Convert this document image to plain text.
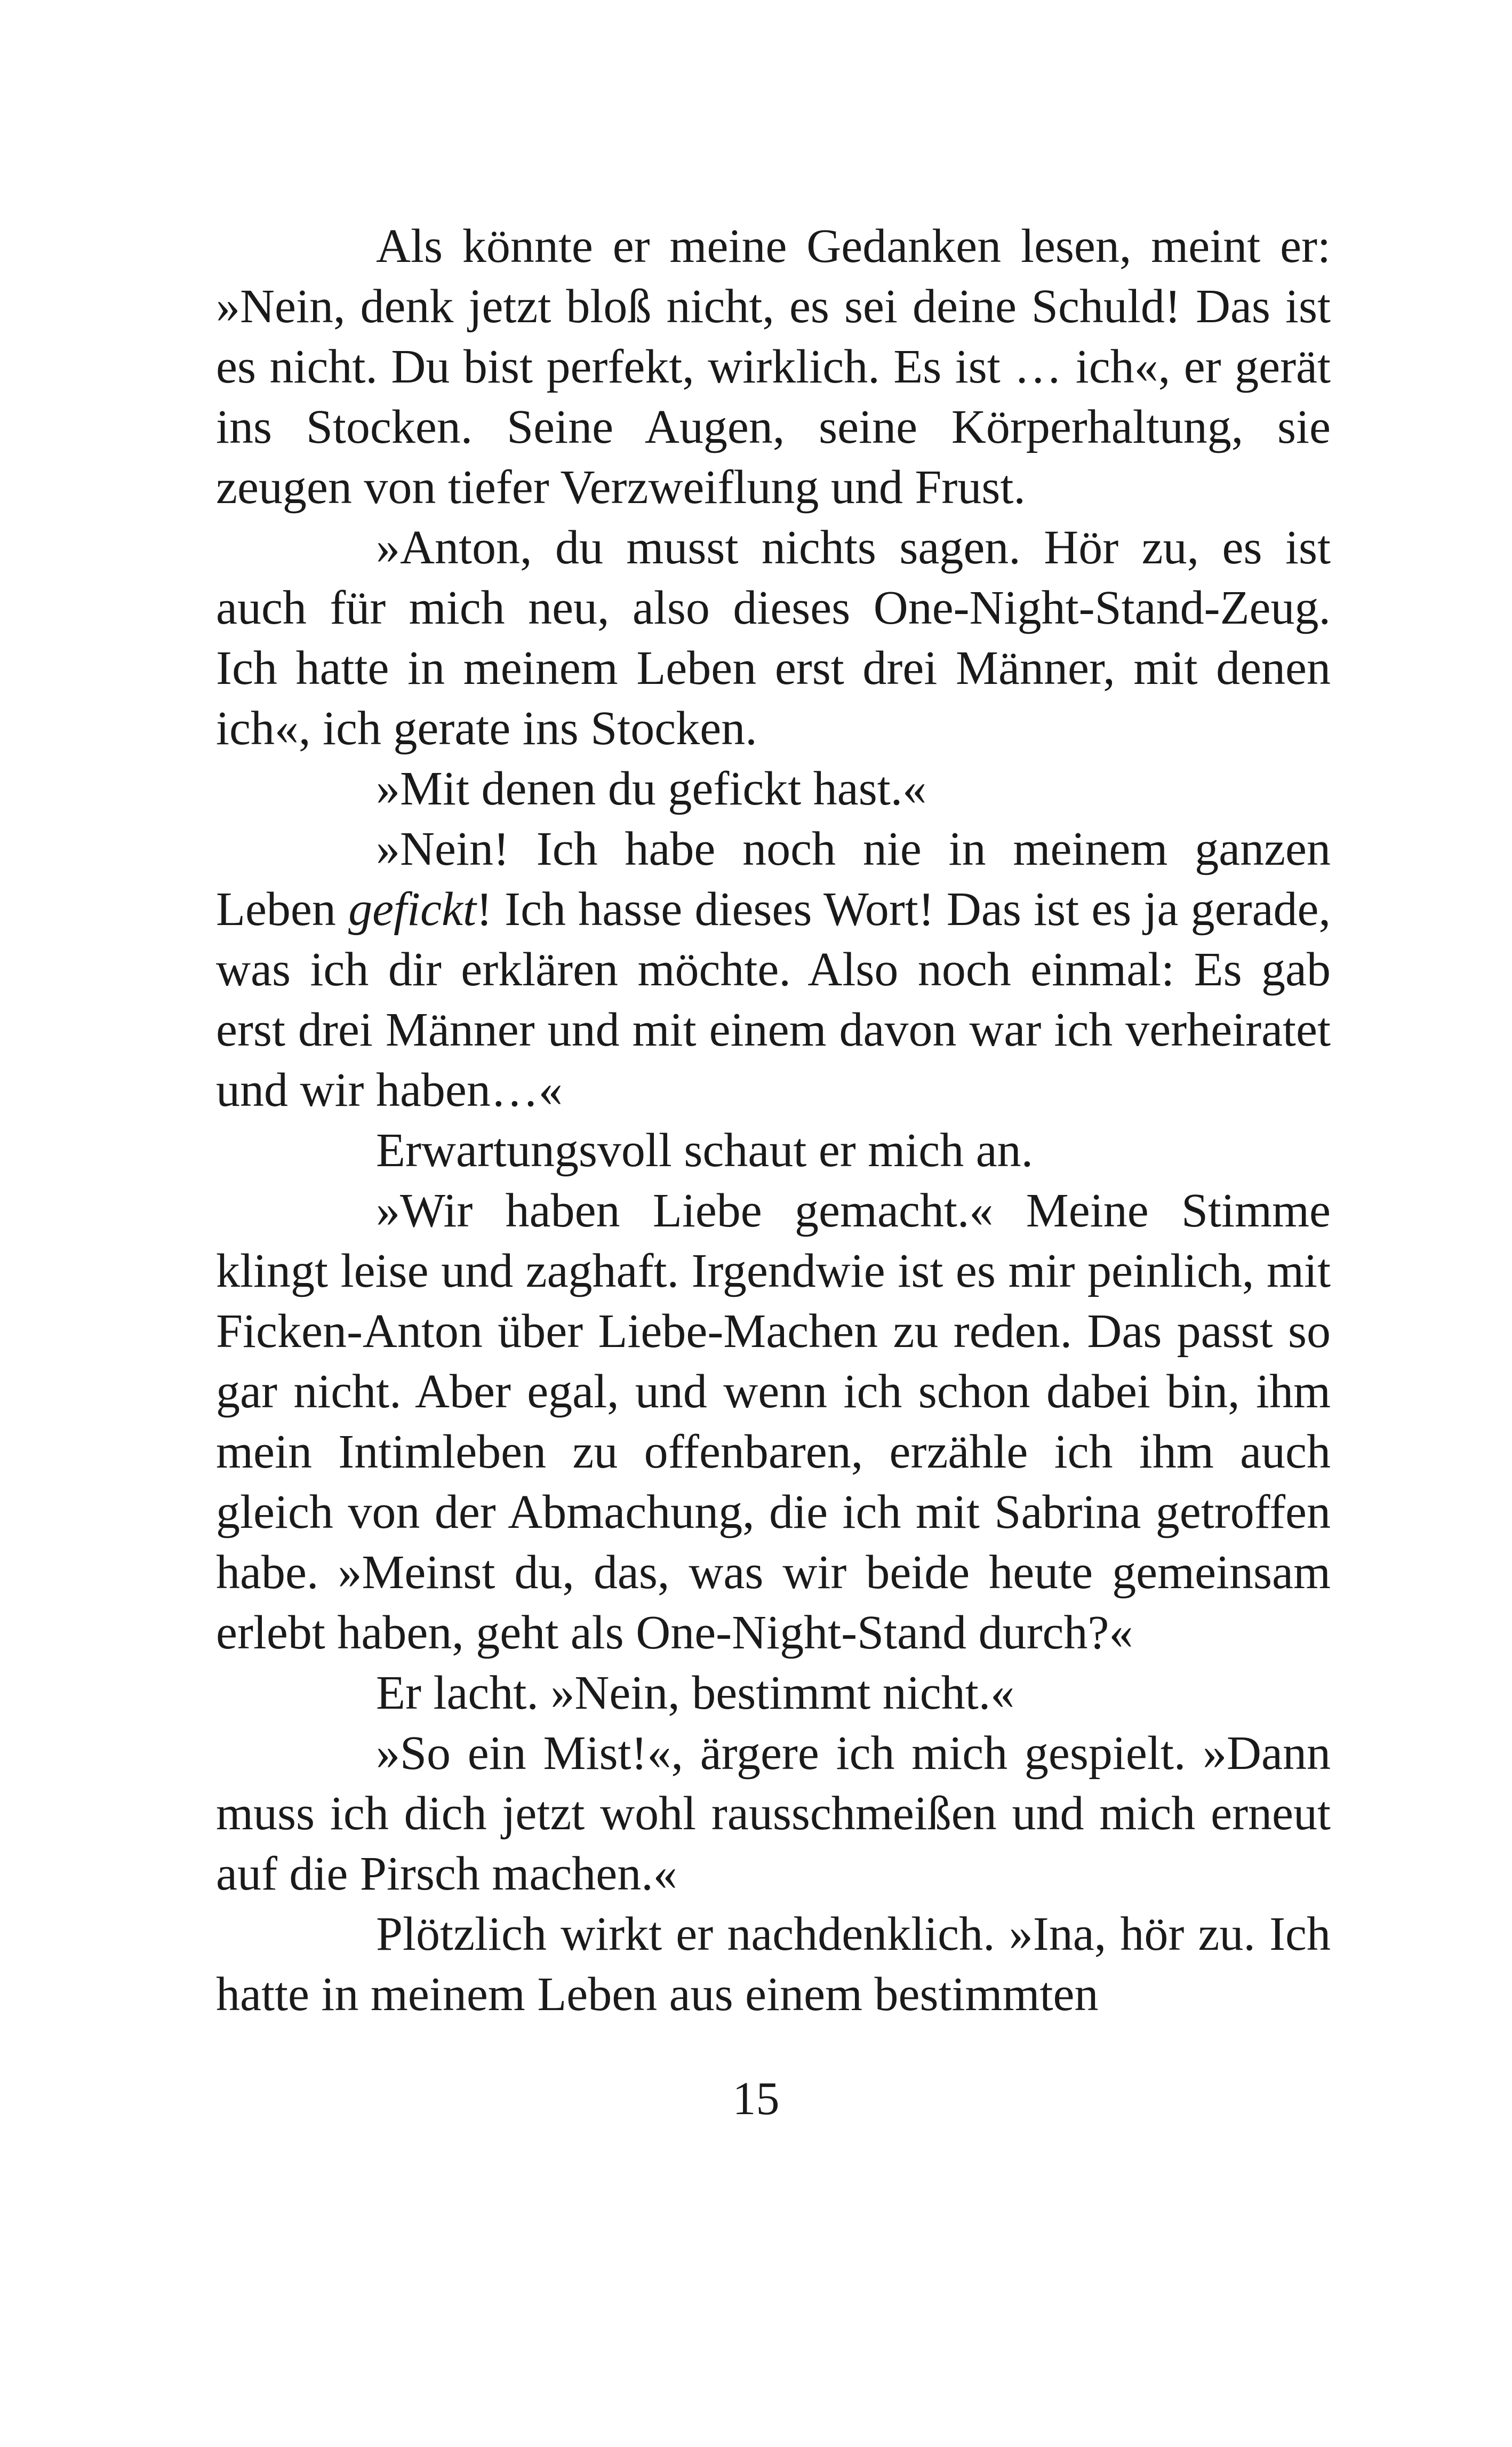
Als könnte er meine Gedanken lesen, meint er: »Nein, denk jetzt bloß nicht, es sei deine Schuld! Das ist es nicht. Du bist perfekt, wirklich. Es ist … ich«, er gerät ins Stocken. Seine Augen, seine Körperhaltung, sie zeugen von tiefer Verzweiflung und Frust.

»Anton, du musst nichts sagen. Hör zu, es ist auch für mich neu, also dieses One-Night-Stand-Zeug. Ich hatte in meinem Leben erst drei Männer, mit denen ich«, ich gerate ins Stocken.

»Mit denen du gefickt hast.«

»Nein! Ich habe noch nie in meinem ganzen Leben gefickt! Ich hasse dieses Wort! Das ist es ja gerade, was ich dir erklären möchte. Also noch einmal: Es gab erst drei Männer und mit einem davon war ich verheiratet und wir haben…«

Erwartungsvoll schaut er mich an.

»Wir haben Liebe gemacht.« Meine Stimme klingt leise und zaghaft. Irgendwie ist es mir peinlich, mit Ficken-Anton über Liebe-Machen zu reden. Das passt so gar nicht. Aber egal, und wenn ich schon dabei bin, ihm mein Intimleben zu offenbaren, erzähle ich ihm auch gleich von der Abmachung, die ich mit Sabrina getroffen habe. »Meinst du, das, was wir beide heute gemeinsam erlebt haben, geht als One-Night-Stand durch?«

Er lacht. »Nein, bestimmt nicht.«

»So ein Mist!«, ärgere ich mich gespielt. »Dann muss ich dich jetzt wohl rausschmeißen und mich erneut auf die Pirsch machen.«

Plötzlich wirkt er nachdenklich. »Ina, hör zu. Ich hatte in meinem Leben aus einem bestimmten

15
